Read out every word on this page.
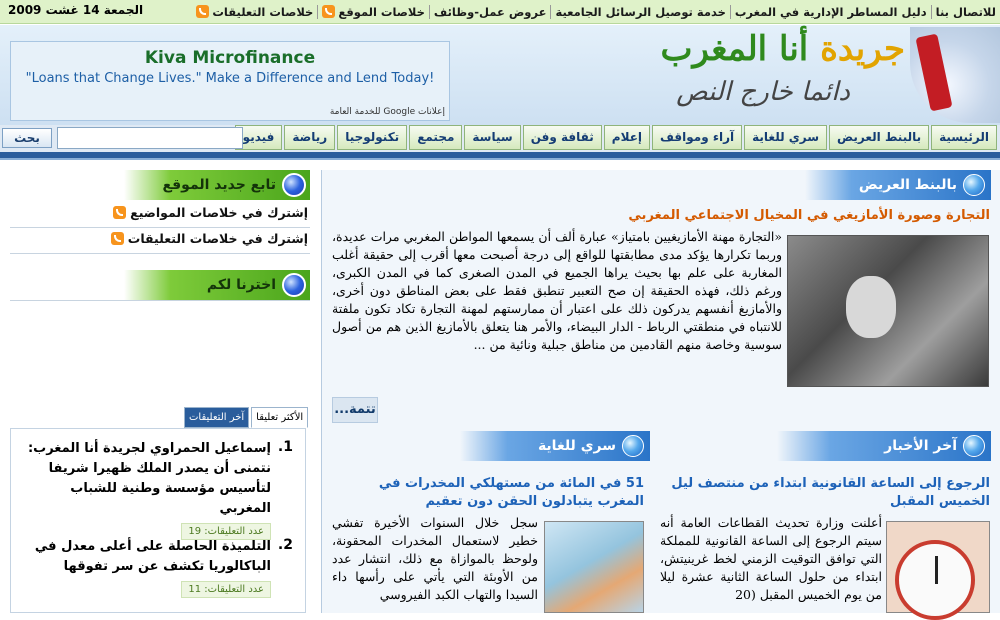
للاتصال بنا
دليل المساطر الإدارية في المغرب
خدمة توصيل الرسائل الجامعية
عروض عمل-وظائف
خلاصات الموقع
خلاصات التعليقات
الجمعة 14 غشت 2009
جريدة أنا المغرب
دائما خارج النص
Kiva Microfinance
"Loans that Change Lives." Make a Difference and Lend Today!
إعلانات Google للخدمة العامة
الرئيسية
بالبنط العريض
سري للغاية
آراء ومواقف
إعلام
ثقافة وفن
سياسة
مجتمع
تكنولوجيا
رياضة
فيديو
بحث
بالبنط العريض
التجارة وصورة الأمازيغي في المخيال الاجتماعي المغربي
«التجارة مهنة الأمازيغيين بامتياز» عبارة ألف أن يسمعها المواطن المغربي مرات عديدة، وربما تكرارها يؤكد مدى مطابقتها للواقع إلى درجة أصبحت معها أقرب إلى حقيقة أغلب المغاربة على علم بها بحيث يراها الجميع في المدن الصغرى كما في المدن الكبرى، ورغم ذلك، فهذه الحقيقة إن صح التعبير تنطبق فقط على بعض المناطق دون أخرى، والأمازيغ أنفسهم يدركون ذلك على اعتبار أن ممارستهم لمهنة التجارة تكاد تكون ملفتة للانتباه في منطقتي الرباط - الدار البيضاء، والأمر هنا يتعلق بالأمازيغ الذين هم من أصول سوسية وخاصة منهم القادمين من مناطق جبلية ونائية من ...
تتمة...
آخر الأخبار
الرجوع إلى الساعة القانونية ابتداء من منتصف ليل الخميس المقبل
أعلنت وزارة تحديث القطاعات العامة أنه سيتم الرجوع إلى الساعة القانونية للمملكة التي توافق التوقيت الزمني لخط غرينيتش، ابتداء من حلول الساعة الثانية عشرة ليلا من يوم الخميس المقبل (20
سري للغاية
51 في المائة من مستهلكي المخدرات في المغرب يتبادلون الحقن دون تعقيم
سجل خلال السنوات الأخيرة تفشي خطير لاستعمال المخدرات المحقونة، ولوحظ بالموازاة مع ذلك، انتشار عدد من الأوبئة التي يأتي على رأسها داء السيدا والتهاب الكبد الفيروسي
تابع جديد الموقع
إشترك في خلاصات المواضيع
إشترك في خلاصات التعليقات
اخترنا لكم
آخر التعليقات	الأكثر تعليقا
1.
إسماعيل الحمراوي لجريدة أنا المغرب: نتمنى أن يصدر الملك ظهيرا شريفا لتأسيس مؤسسة وطنية للشباب المغربي
عدد التعليقات: 19
2.
التلميذة الحاصلة على أعلى معدل في الباكالوريا تكشف عن سر تفوقها
عدد التعليقات: 11
